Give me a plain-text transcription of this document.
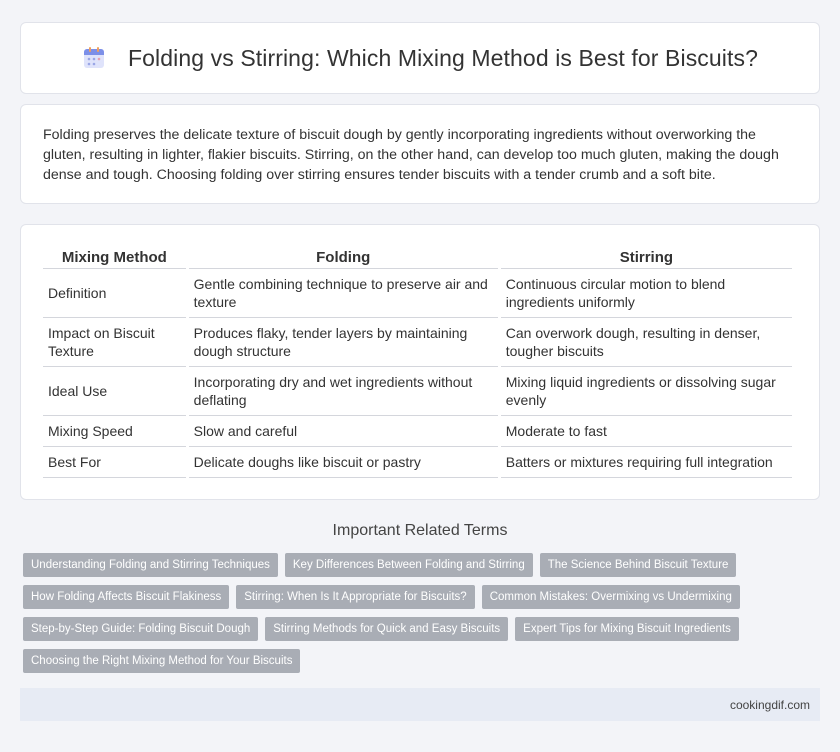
Folding vs Stirring: Which Mixing Method is Best for Biscuits?

Folding preserves the delicate texture of biscuit dough by gently incorporating ingredients without overworking the gluten, resulting in lighter, flakier biscuits. Stirring, on the other hand, can develop too much gluten, making the dough dense and tough. Choosing folding over stirring ensures tender biscuits with a tender crumb and a soft bite.

Mixing Method	Folding	Stirring
Definition	Gentle combining technique to preserve air and texture	Continuous circular motion to blend ingredients uniformly
Impact on Biscuit Texture	Produces flaky, tender layers by maintaining dough structure	Can overwork dough, resulting in denser, tougher biscuits
Ideal Use	Incorporating dry and wet ingredients without deflating	Mixing liquid ingredients or dissolving sugar evenly
Mixing Speed	Slow and careful	Moderate to fast
Best For	Delicate doughs like biscuit or pastry	Batters or mixtures requiring full integration
Important Related Terms
Understanding Folding and Stirring Techniques	Key Differences Between Folding and Stirring	The Science Behind Biscuit Texture
How Folding Affects Biscuit Flakiness	Stirring: When Is It Appropriate for Biscuits?	Common Mistakes: Overmixing vs Undermixing
Step-by-Step Guide: Folding Biscuit Dough	Stirring Methods for Quick and Easy Biscuits	Expert Tips for Mixing Biscuit Ingredients
Choosing the Right Mixing Method for Your Biscuits
cookingdif.com
